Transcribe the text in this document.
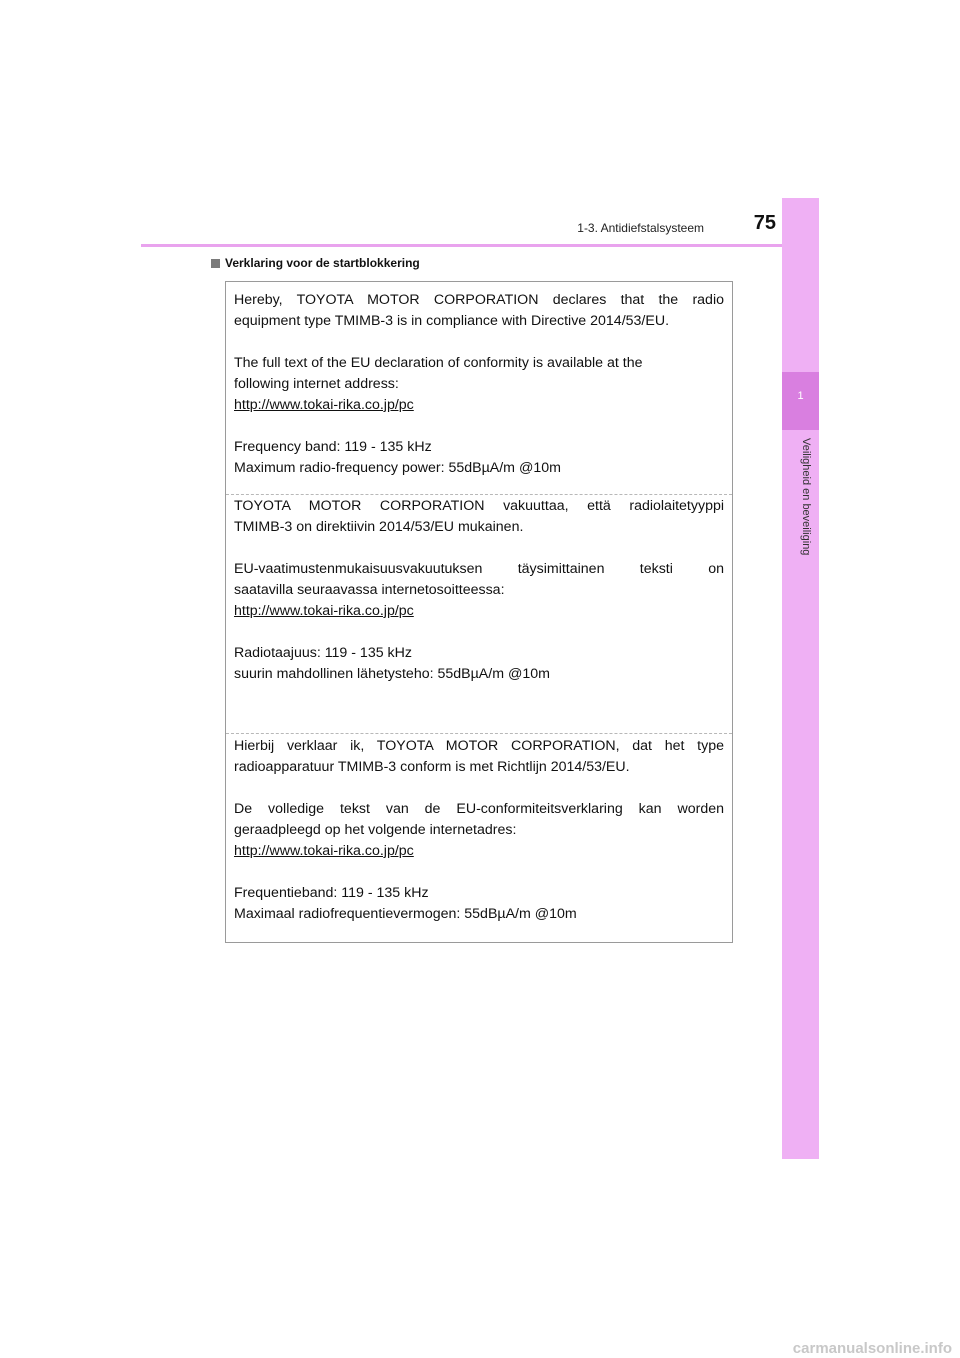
1-3. Antidiefstalsysteem	75
1
Veiligheid en beveiliging
Verklaring voor de startblokkering

Hereby, TOYOTA MOTOR CORPORATION declares that the radio

equipment type TMIMB-3 is in compliance with Directive 2014/53/EU.

The full text of the EU declaration of conformity is available at the

following internet address:

http://www.tokai-rika.co.jp/pc

Frequency band: 119 - 135 kHz

Maximum radio-frequency power: 55dBµA/m @10m

TOYOTA MOTOR CORPORATION vakuuttaa, että radiolaitetyyppi

TMIMB-3 on direktiivin 2014/53/EU mukainen.

EU-vaatimustenmukaisuusvakuutuksen täysimittainen teksti on

saatavilla seuraavassa internetosoitteessa:

http://www.tokai-rika.co.jp/pc

Radiotaajuus: 119 - 135 kHz

suurin mahdollinen lähetysteho: 55dBµA/m @10m

Hierbij verklaar ik, TOYOTA MOTOR CORPORATION, dat het type

radioapparatuur TMIMB-3 conform is met Richtlijn 2014/53/EU.

De volledige tekst van de EU-conformiteitsverklaring kan worden

geraadpleegd op het volgende internetadres:

http://www.tokai-rika.co.jp/pc

Frequentieband: 119 - 135 kHz

Maximaal radiofrequentievermogen: 55dBµA/m @10m

carmanualsonline.info
